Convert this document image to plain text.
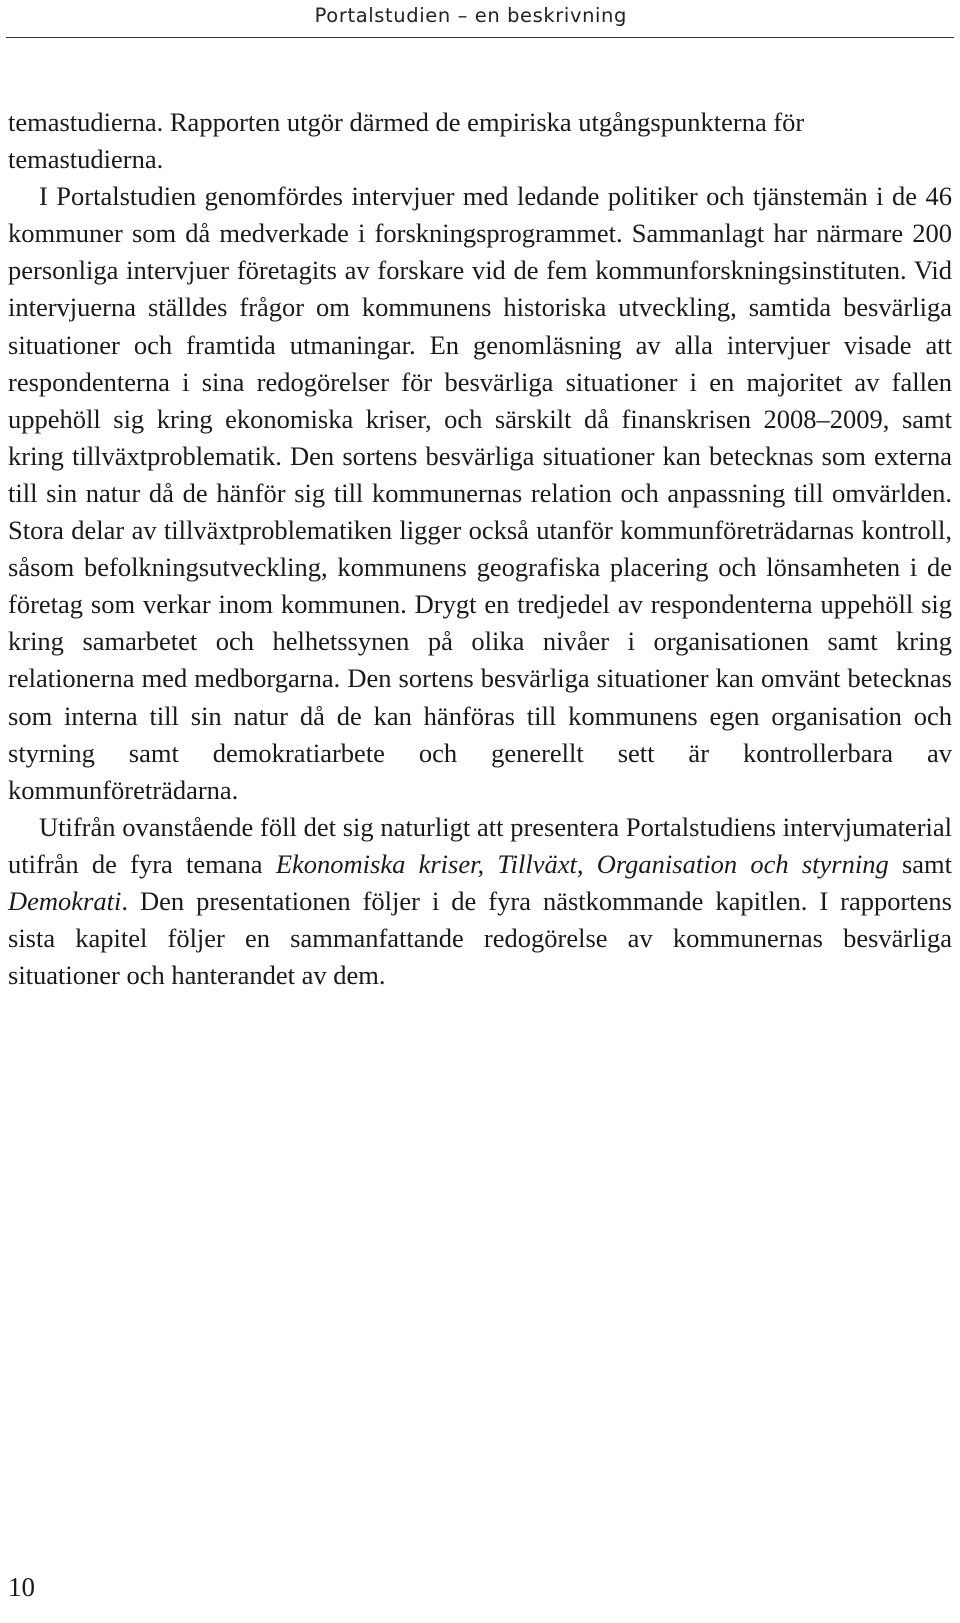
Portalstudien – en beskrivning

temastudierna. Rapporten utgör därmed de empiriska utgångspunkterna för temastudierna.

I Portalstudien genomfördes intervjuer med ledande politiker och tjänstemän i de 46 kommuner som då medverkade i forskningsprogrammet. Sammanlagt har närmare 200 personliga intervjuer företagits av forskare vid de fem kommunforskningsinstituten. Vid intervjuerna ställdes frågor om kommunens historiska utveckling, samtida besvärliga situationer och framtida utmaningar. En genomläsning av alla intervjuer visade att respondenterna i sina redogörelser för besvärliga situationer i en majoritet av fallen uppehöll sig kring ekonomiska kriser, och särskilt då finanskrisen 2008–2009, samt kring tillväxtproblematik. Den sortens besvärliga situationer kan betecknas som externa till sin natur då de hänför sig till kommunernas relation och anpassning till omvärlden. Stora delar av tillväxtproblematiken ligger också utanför kommunföreträdarnas kontroll, såsom befolkningsutveckling, kommunens geografiska placering och lönsamheten i de företag som verkar inom kommunen. Drygt en tredjedel av respondenterna uppehöll sig kring samarbetet och helhetssynen på olika nivåer i organisationen samt kring relationerna med medborgarna. Den sortens besvärliga situationer kan omvänt betecknas som interna till sin natur då de kan hänföras till kommunens egen organisation och styrning samt demokratiarbete och generellt sett är kontrollerbara av kommunföreträdarna.

Utifrån ovanstående föll det sig naturligt att presentera Portalstudiens intervjumaterial utifrån de fyra temana Ekonomiska kriser, Tillväxt, Organisation och styrning samt Demokrati. Den presentationen följer i de fyra nästkommande kapitlen. I rapportens sista kapitel följer en sammanfattande redogörelse av kommunernas besvärliga situationer och hanterandet av dem.

10
